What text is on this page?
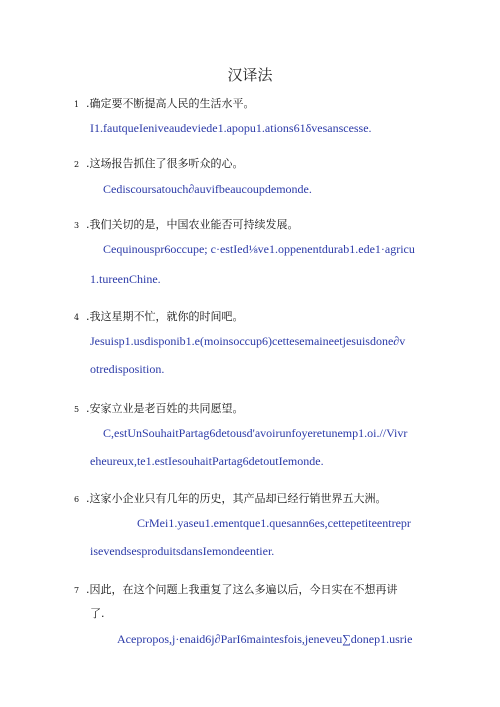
汉译法
1 .确定要不断提高人民的生活水平。
I1.fautqueIeniveaudeviede1.apopu1.ations61δvesanscesse.
2 .这场报告抓住了很多听众的心。
Cediscoursatouch∂auvifbeaucoupdemonde.
3 .我们关切的是，中国农业能否可持续发展。
Cequinouspr6occupe; c·estIed⅛ve1.oppenentdurab1.ede1·agricu
1.tureenChine.
4 .我这星期不忙，就你的时间吧。
Jesuisp1.usdisponib1.e(moinsoccup6)cettesemaineetjesuisdone∂v
otredisposition.
5 .安家立业是老百姓的共同愿望。
C,estUnSouhaitPartag6detousd'avoirunfoyeretunemp1.oi.//Vivr
eheureux,te1.estIesouhaitPartag6detoutIemonde.
6 .这家小企业只有几年的历史，其产品却已经行销世界五大洲。
CrMei1.yaseu1.ementque1.quesann6es,cettepetiteentrepr
isevendsesproduitsdansIemondeentier.
7 .因此，在这个问题上我重复了这么多遍以后，今日实在不想再讲
了.
Acepropos,j·enaid6j∂ParI6maintesfois,jeneveu∑donep1.usrie
